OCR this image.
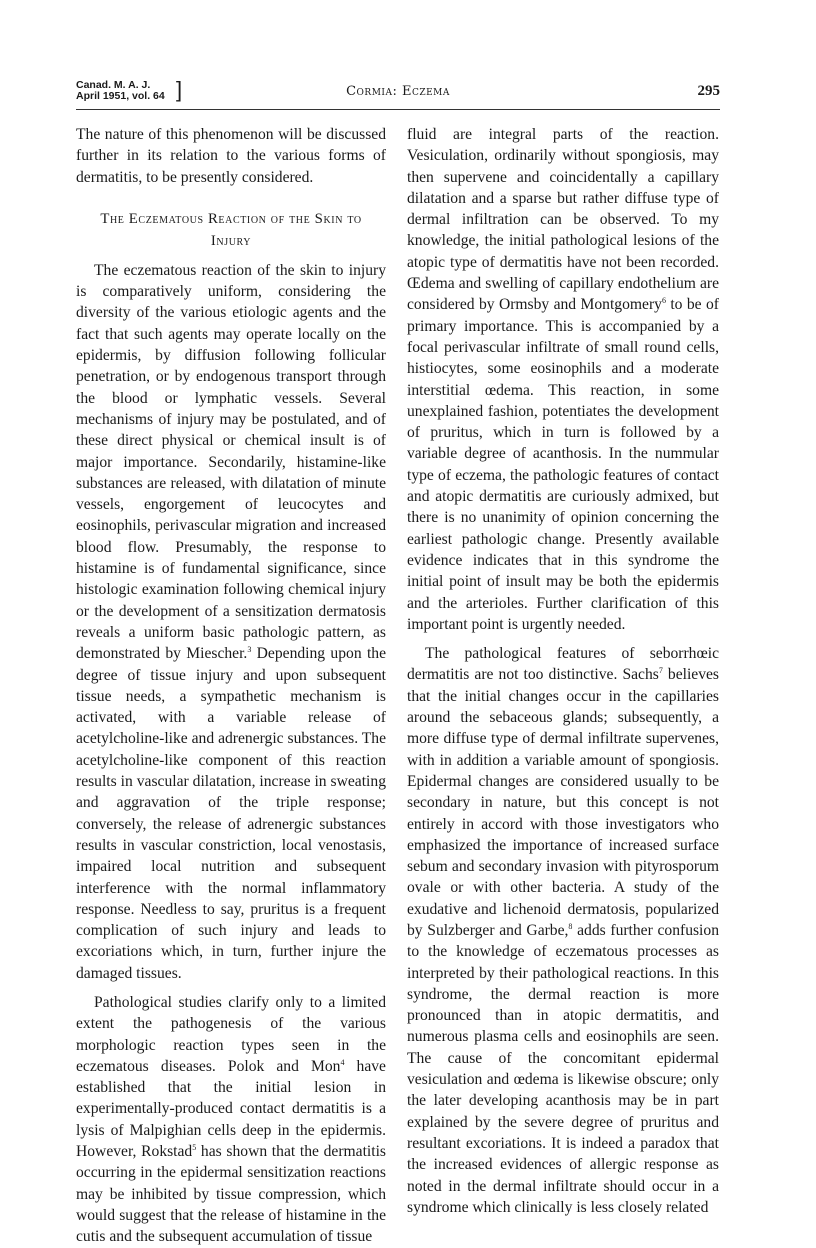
Canad. M. A. J.
April 1951, vol. 64 ]	Cormia: Eczema	295

The nature of this phenomenon will be discussed further in its relation to the various forms of dermatitis, to be presently considered.

The Eczematous Reaction of the Skin to Injury

The eczematous reaction of the skin to injury is comparatively uniform, considering the diversity of the various etiologic agents and the fact that such agents may operate locally on the epidermis, by diffusion following follicular penetration, or by endogenous transport through the blood or lymphatic vessels. Several mechanisms of injury may be postulated, and of these direct physical or chemical insult is of major importance. Secondarily, histamine-like substances are released, with dilatation of minute vessels, engorgement of leucocytes and eosinophils, perivascular migration and increased blood flow. Presumably, the response to histamine is of fundamental significance, since histologic examination following chemical injury or the development of a sensitization dermatosis reveals a uniform basic pathologic pattern, as demonstrated by Miescher.$^3$ Depending upon the degree of tissue injury and upon subsequent tissue needs, a sympathetic mechanism is activated, with a variable release of acetylcholine-like and adrenergic substances. The acetylcholine-like component of this reaction results in vascular dilatation, increase in sweating and aggravation of the triple response; conversely, the release of adrenergic substances results in vascular constriction, local venostasis, impaired local nutrition and subsequent interference with the normal inflammatory response. Needless to say, pruritus is a frequent complication of such injury and leads to excoriations which, in turn, further injure the damaged tissues.

Pathological studies clarify only to a limited extent the pathogenesis of the various morphologic reaction types seen in the eczematous diseases. Polok and Mon$^4$ have established that the initial lesion in experimentally-produced contact dermatitis is a lysis of Malpighian cells deep in the epidermis. However, Rokstad$^5$ has shown that the dermatitis occurring in the epidermal sensitization reactions may be inhibited by tissue compression, which would suggest that the release of histamine in the cutis and the subsequent accumulation of tissue

fluid are integral parts of the reaction. Vesiculation, ordinarily without spongiosis, may then supervene and coincidentally a capillary dilatation and a sparse but rather diffuse type of dermal infiltration can be observed. To my knowledge, the initial pathological lesions of the atopic type of dermatitis have not been recorded. Œdema and swelling of capillary endothelium are considered by Ormsby and Montgomery$^6$ to be of primary importance. This is accompanied by a focal perivascular infiltrate of small round cells, histiocytes, some eosinophils and a moderate interstitial œdema. This reaction, in some unexplained fashion, potentiates the development of pruritus, which in turn is followed by a variable degree of acanthosis. In the nummular type of eczema, the pathologic features of contact and atopic dermatitis are curiously admixed, but there is no unanimity of opinion concerning the earliest pathologic change. Presently available evidence indicates that in this syndrome the initial point of insult may be both the epidermis and the arterioles. Further clarification of this important point is urgently needed.

The pathological features of seborrhœic dermatitis are not too distinctive. Sachs$^7$ believes that the initial changes occur in the capillaries around the sebaceous glands; subsequently, a more diffuse type of dermal infiltrate supervenes, with in addition a variable amount of spongiosis. Epidermal changes are considered usually to be secondary in nature, but this concept is not entirely in accord with those investigators who emphasized the importance of increased surface sebum and secondary invasion with pityrosporum ovale or with other bacteria. A study of the exudative and lichenoid dermatosis, popularized by Sulzberger and Garbe,$^8$ adds further confusion to the knowledge of eczematous processes as interpreted by their pathological reactions. In this syndrome, the dermal reaction is more pronounced than in atopic dermatitis, and numerous plasma cells and eosinophils are seen. The cause of the concomitant epidermal vesiculation and œdema is likewise obscure; only the later developing acanthosis may be in part explained by the severe degree of pruritus and resultant excoriations. It is indeed a paradox that the increased evidences of allergic response as noted in the dermal infiltrate should occur in a syndrome which clinically is less closely related
